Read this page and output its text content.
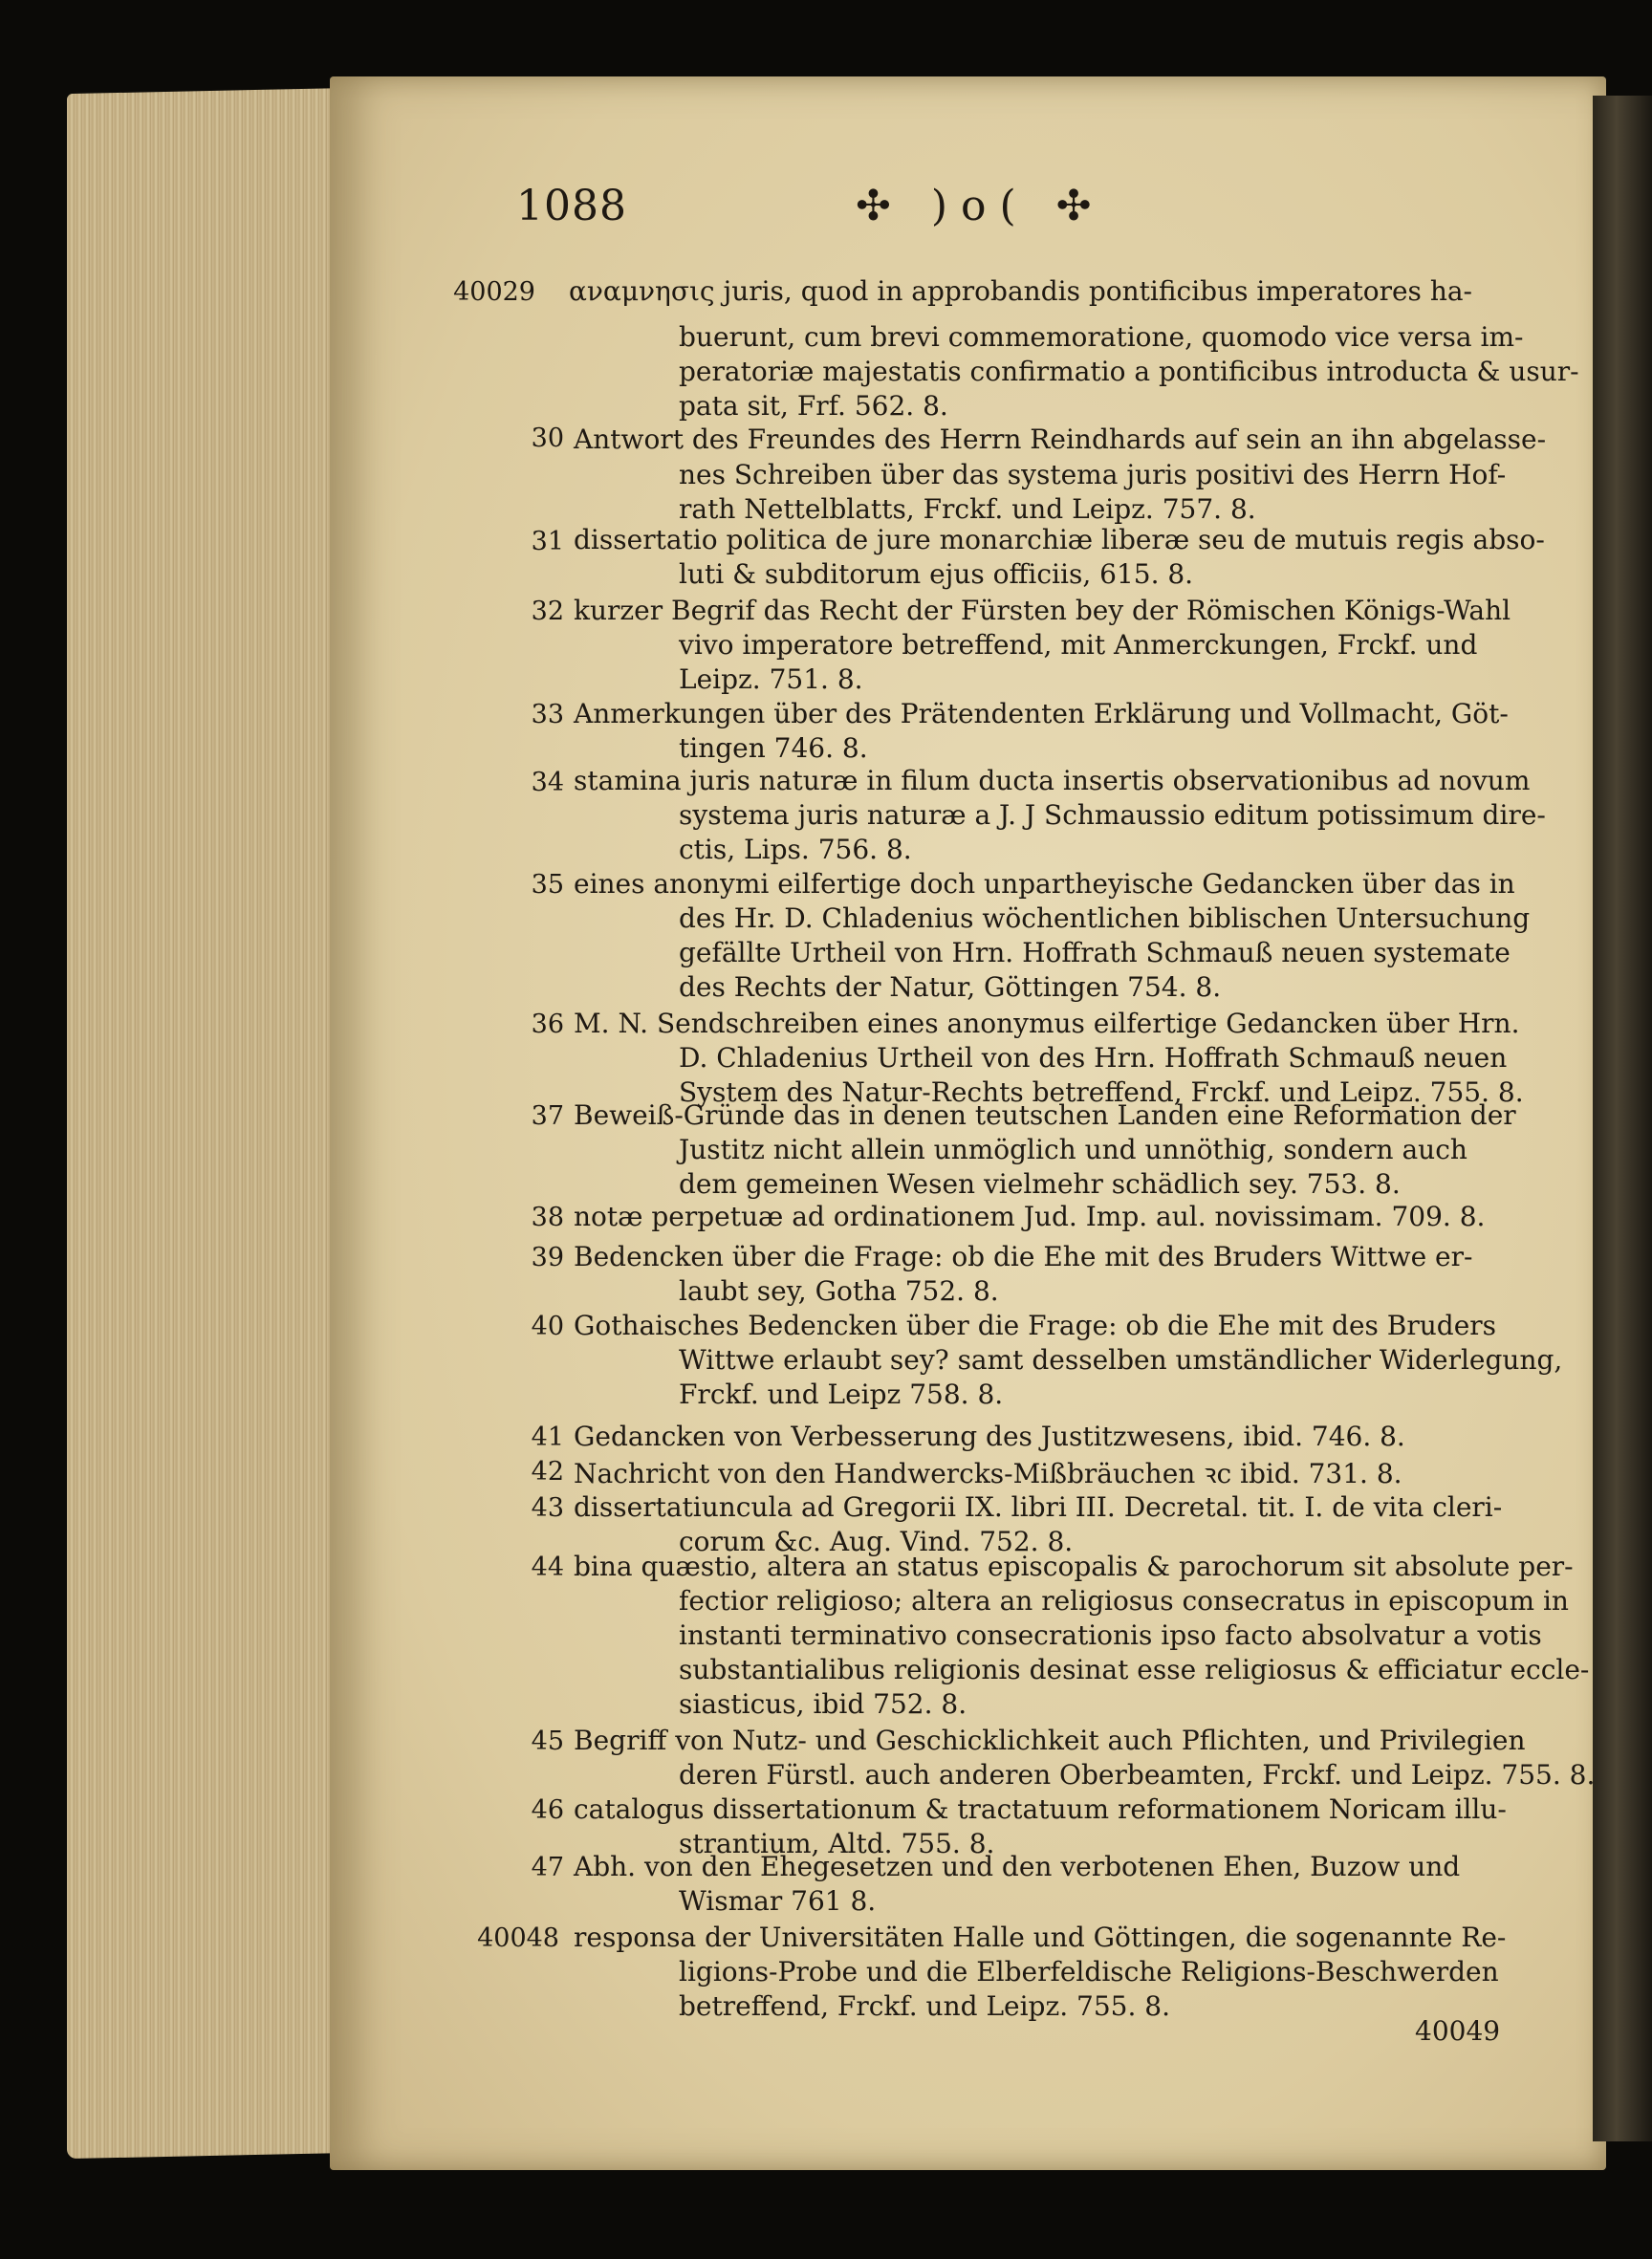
1088	✣ )o( ✣
40029 αναμνησις juris, quod in approbandis pontificibus imperatores ha-
buerunt, cum brevi commemoratione, quomodo vice versa im-
peratoriæ majestatis confirmatio a pontificibus introducta & usur-
pata sit, Frf. 562. 8.
30 Antwort des Freundes des Herrn Reindhards auf sein an ihn abgelasse-
nes Schreiben über das systema juris positivi des Herrn Hof-
rath Nettelblatts, Frckf. und Leipz. 757. 8.
31 dissertatio politica de jure monarchiæ liberæ seu de mutuis regis abso-
luti & subditorum ejus officiis, 615. 8.
32 kurzer Begrif das Recht der Fürsten bey der Römischen Königs-Wahl
vivo imperatore betreffend, mit Anmerckungen, Frckf. und
Leipz. 751. 8.
33 Anmerkungen über des Prätendenten Erklärung und Vollmacht, Göt-
tingen 746. 8.
34 stamina juris naturæ in filum ducta insertis observationibus ad novum
systema juris naturæ a J. J Schmaussio editum potissimum dire-
ctis, Lips. 756. 8.
35 eines anonymi eilfertige doch unpartheyische Gedancken über das in
des Hr. D. Chladenius wöchentlichen biblischen Untersuchung
gefällte Urtheil von Hrn. Hoffrath Schmauß neuen systemate
des Rechts der Natur, Göttingen 754. 8.
36 M. N. Sendschreiben eines anonymus eilfertige Gedancken über Hrn.
D. Chladenius Urtheil von des Hrn. Hoffrath Schmauß neuen
System des Natur-Rechts betreffend, Frckf. und Leipz. 755. 8.
37 Beweiß-Gründe das in denen teutschen Landen eine Reformation der
Justitz nicht allein unmöglich und unnöthig, sondern auch
dem gemeinen Wesen vielmehr schädlich sey. 753. 8.
38 notæ perpetuæ ad ordinationem Jud. Imp. aul. novissimam. 709. 8.
39 Bedencken über die Frage: ob die Ehe mit des Bruders Wittwe er-
laubt sey, Gotha 752. 8.
40 Gothaisches Bedencken über die Frage: ob die Ehe mit des Bruders
Wittwe erlaubt sey? samt desselben umständlicher Widerlegung,
Frckf. und Leipz 758. 8.
41 Gedancken von Verbesserung des Justitzwesens, ibid. 746. 8.
42 Nachricht von den Handwercks-Mißbräuchen ꝛc ibid. 731. 8.
43 dissertatiuncula ad Gregorii IX. libri III. Decretal. tit. I. de vita cleri-
corum &c. Aug. Vind. 752. 8.
44 bina quæstio, altera an status episcopalis & parochorum sit absolute per-
fectior religioso; altera an religiosus consecratus in episcopum in
instanti terminativo consecrationis ipso facto absolvatur a votis
substantialibus religionis desinat esse religiosus & efficiatur eccle-
siasticus, ibid 752. 8.
45 Begriff von Nutz- und Geschicklichkeit auch Pflichten, und Privilegien
deren Fürstl. auch anderen Oberbeamten, Frckf. und Leipz. 755. 8.
46 catalogus dissertationum & tractatuum reformationem Noricam illu-
strantium, Altd. 755. 8.
47 Abh. von den Ehegesetzen und den verbotenen Ehen, Buzow und
Wismar 761 8.
40048 responsa der Universitäten Halle und Göttingen, die sogenannte Re-
ligions-Probe und die Elberfeldische Religions-Beschwerden
betreffend, Frckf. und Leipz. 755. 8.
40049
